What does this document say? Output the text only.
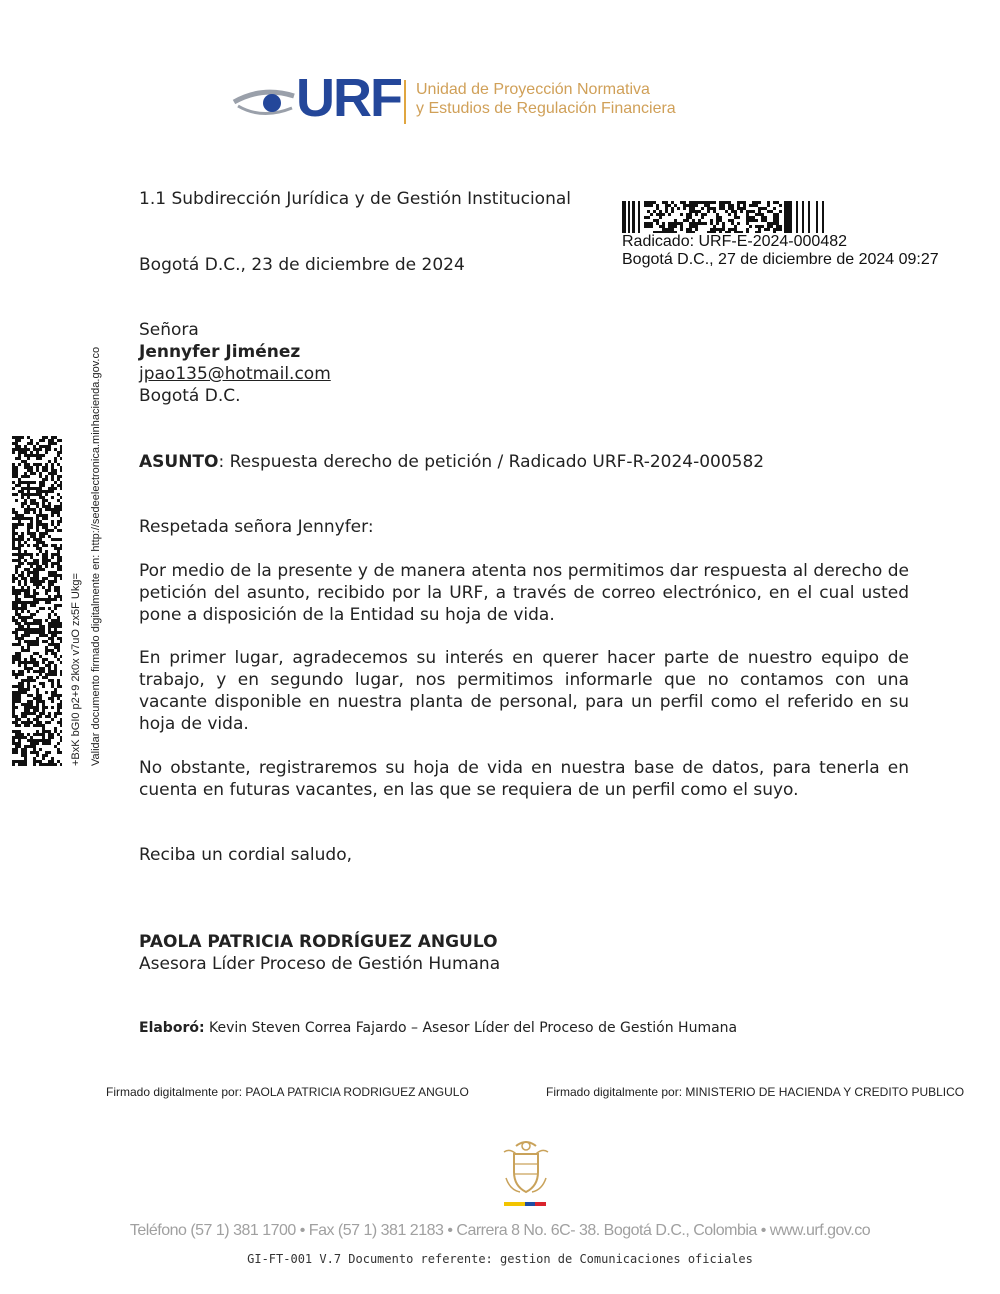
URF Unidad de Proyección Normativa
y Estudios de Regulación Financiera
1.1 Subdirección Jurídica y de Gestión Institucional
Bogotá D.C., 23 de diciembre de 2024
Radicado: URF-E-2024-000482
Bogotá D.C., 27 de diciembre de 2024 09:27
Señora
Jennyfer Jiménez
jpao135@hotmail.com
Bogotá D.C.
ASUNTO: Respuesta derecho de petición / Radicado URF-R-2024-000582
Respetada señora Jennyfer:
Por medio de la presente y de manera atenta nos permitimos dar respuesta al derecho de petición del asunto, recibido por la URF, a través de correo electrónico, en el cual usted pone a disposición de la Entidad su hoja de vida.
En primer lugar, agradecemos su interés en querer hacer parte de nuestro equipo de trabajo, y en segundo lugar, nos permitimos informarle que no contamos con una vacante disponible en nuestra planta de personal, para un perfil como el referido en su hoja de vida.
No obstante, registraremos su hoja de vida en nuestra base de datos, para tenerla en cuenta en futuras vacantes, en las que se requiera de un perfil como el suyo.
Reciba un cordial saludo,
PAOLA PATRICIA RODRÍGUEZ ANGULO
Asesora Líder Proceso de Gestión Humana
Elaboró: Kevin Steven Correa Fajardo – Asesor Líder del Proceso de Gestión Humana
Firmado digitalmente por: PAOLA PATRICIA RODRIGUEZ ANGULO	Firmado digitalmente por: MINISTERIO DE HACIENDA Y CREDITO PUBLICO
+BxK bGI0 p2+9 2k0x v7uO zx5F Ukg= Validar documento firmado digitalmente en: http://sedeelectronica.minhacienda.gov.co
Teléfono (57 1) 381 1700 • Fax (57 1) 381 2183 • Carrera 8 No. 6C- 38. Bogotá D.C., Colombia • www.urf.gov.co
GI-FT-001 V.7 Documento referente: gestion de Comunicaciones oficiales
